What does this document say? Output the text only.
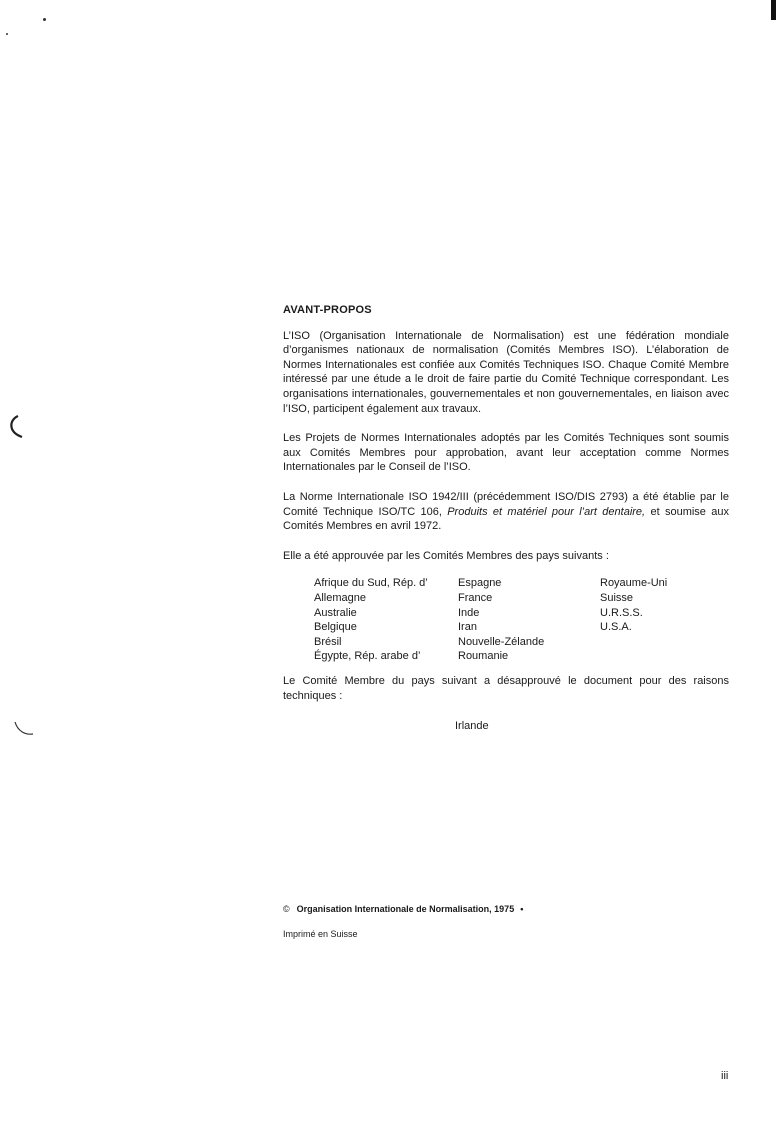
AVANT-PROPOS

L’ISO (Organisation Internationale de Normalisation) est une fédération mondiale d’organismes nationaux de normalisation (Comités Membres ISO). L’élaboration de Normes Internationales est confiée aux Comités Techniques ISO. Chaque Comité Membre intéressé par une étude a le droit de faire partie du Comité Technique correspondant. Les organisations internationales, gouvernementales et non gouvernementales, en liaison avec l’ISO, participent également aux travaux.

Les Projets de Normes Internationales adoptés par les Comités Techniques sont soumis aux Comités Membres pour approbation, avant leur acceptation comme Normes Internationales par le Conseil de l’ISO.

La Norme Internationale ISO 1942/III (précédemment ISO/DIS 2793) a été établie par le Comité Technique ISO/TC 106, Produits et matériel pour l’art dentaire, et soumise aux Comités Membres en avril 1972.

Elle a été approuvée par les Comités Membres des pays suivants :

Afrique du Sud, Rép. d’
Allemagne
Australie
Belgique
Brésil
Égypte, Rép. arabe d’
Espagne
France
Inde
Iran
Nouvelle-Zélande
Roumanie
Royaume-Uni
Suisse
U.R.S.S.
U.S.A.

Le Comité Membre du pays suivant a désapprouvé le document pour des raisons techniques :

Irlande
© Organisation Internationale de Normalisation, 1975 •
Imprimé en Suisse
iii
